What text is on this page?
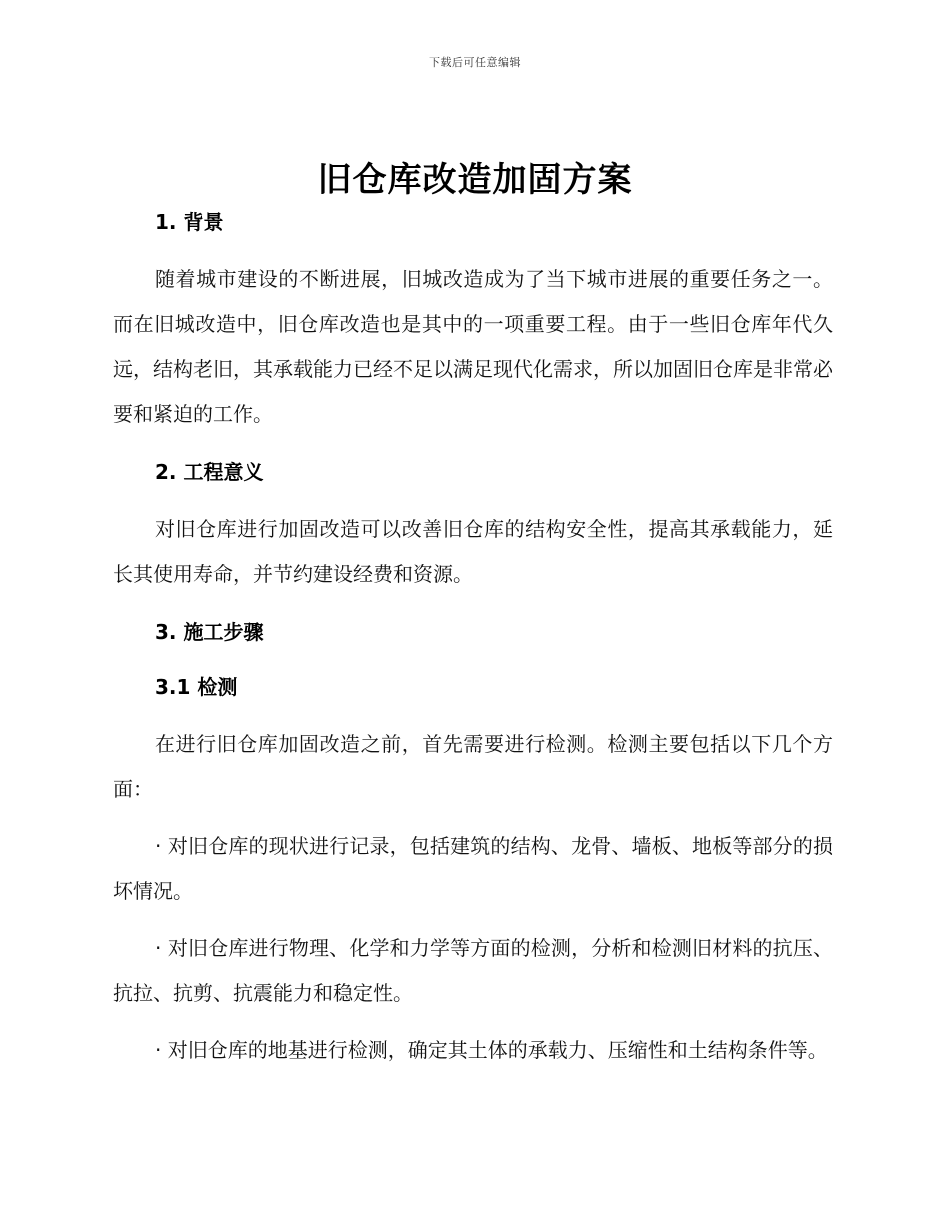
下载后可任意编辑
旧仓库改造加固方案

1. 背景

随着城市建设的不断进展，旧城改造成为了当下城市进展的重要任务之一。而在旧城改造中，旧仓库改造也是其中的一项重要工程。由于一些旧仓库年代久远，结构老旧，其承载能力已经不足以满足现代化需求，所以加固旧仓库是非常必要和紧迫的工作。

2. 工程意义

对旧仓库进行加固改造可以改善旧仓库的结构安全性，提高其承载能力，延长其使用寿命，并节约建设经费和资源。

3. 施工步骤

3.1 检测

在进行旧仓库加固改造之前，首先需要进行检测。检测主要包括以下几个方面：

· 对旧仓库的现状进行记录，包括建筑的结构、龙骨、墙板、地板等部分的损坏情况。

· 对旧仓库进行物理、化学和力学等方面的检测，分析和检测旧材料的抗压、抗拉、抗剪、抗震能力和稳定性。

· 对旧仓库的地基进行检测，确定其土体的承载力、压缩性和土结构条件等。
